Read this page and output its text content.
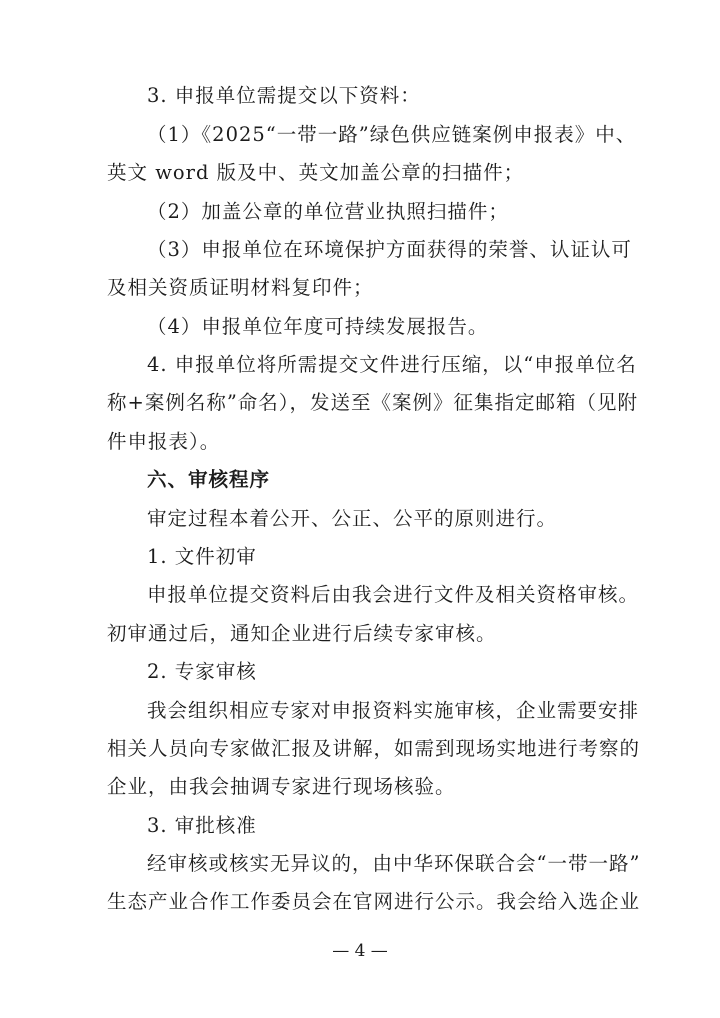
3. 申报单位需提交以下资料：
（1）《2025“一带一路”绿色供应链案例申报表》中、
英文 word 版及中、英文加盖公章的扫描件；
（2）加盖公章的单位营业执照扫描件；
（3）申报单位在环境保护方面获得的荣誉、认证认可
及相关资质证明材料复印件；
（4）申报单位年度可持续发展报告。
4. 申报单位将所需提交文件进行压缩，以“申报单位名
称+案例名称”命名），发送至《案例》征集指定邮箱（见附
件申报表）。
六、审核程序
审定过程本着公开、公正、公平的原则进行。
1. 文件初审
申报单位提交资料后由我会进行文件及相关资格审核。
初审通过后，通知企业进行后续专家审核。
2. 专家审核
我会组织相应专家对申报资料实施审核，企业需要安排
相关人员向专家做汇报及讲解，如需到现场实地进行考察的
企业，由我会抽调专家进行现场核验。
3. 审批核准
经审核或核实无异议的，由中华环保联合会“一带一路”
生态产业合作工作委员会在官网进行公示。我会给入选企业
— 4 —
